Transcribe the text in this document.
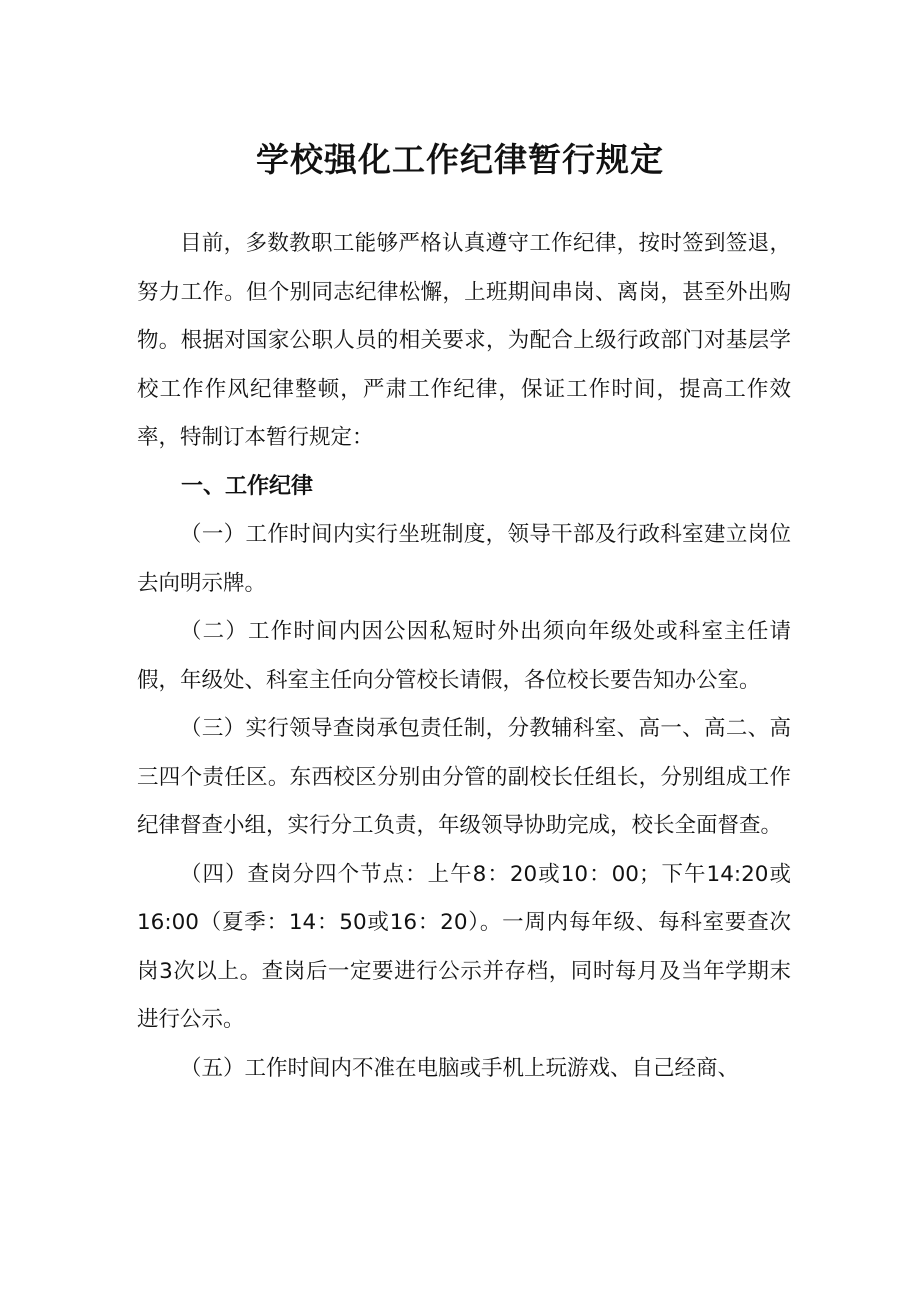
学校强化工作纪律暂行规定

目前，多数教职工能够严格认真遵守工作纪律，按时签到签退，努力工作。但个别同志纪律松懈，上班期间串岗、离岗，甚至外出购物。根据对国家公职人员的相关要求，为配合上级行政部门对基层学校工作作风纪律整顿，严肃工作纪律，保证工作时间，提高工作效率，特制订本暂行规定：

一、工作纪律

（一）工作时间内实行坐班制度，领导干部及行政科室建立岗位去向明示牌。

（二）工作时间内因公因私短时外出须向年级处或科室主任请假，年级处、科室主任向分管校长请假，各位校长要告知办公室。

（三）实行领导查岗承包责任制，分教辅科室、高一、高二、高三四个责任区。东西校区分别由分管的副校长任组长，分别组成工作纪律督查小组，实行分工负责，年级领导协助完成，校长全面督查。

（四）查岗分四个节点：上午8：20或10：00；下午14:20或16:00（夏季：14：50或16：20）。一周内每年级、每科室要查次岗3次以上。查岗后一定要进行公示并存档，同时每月及当年学期末进行公示。

（五）工作时间内不准在电脑或手机上玩游戏、自己经商、
